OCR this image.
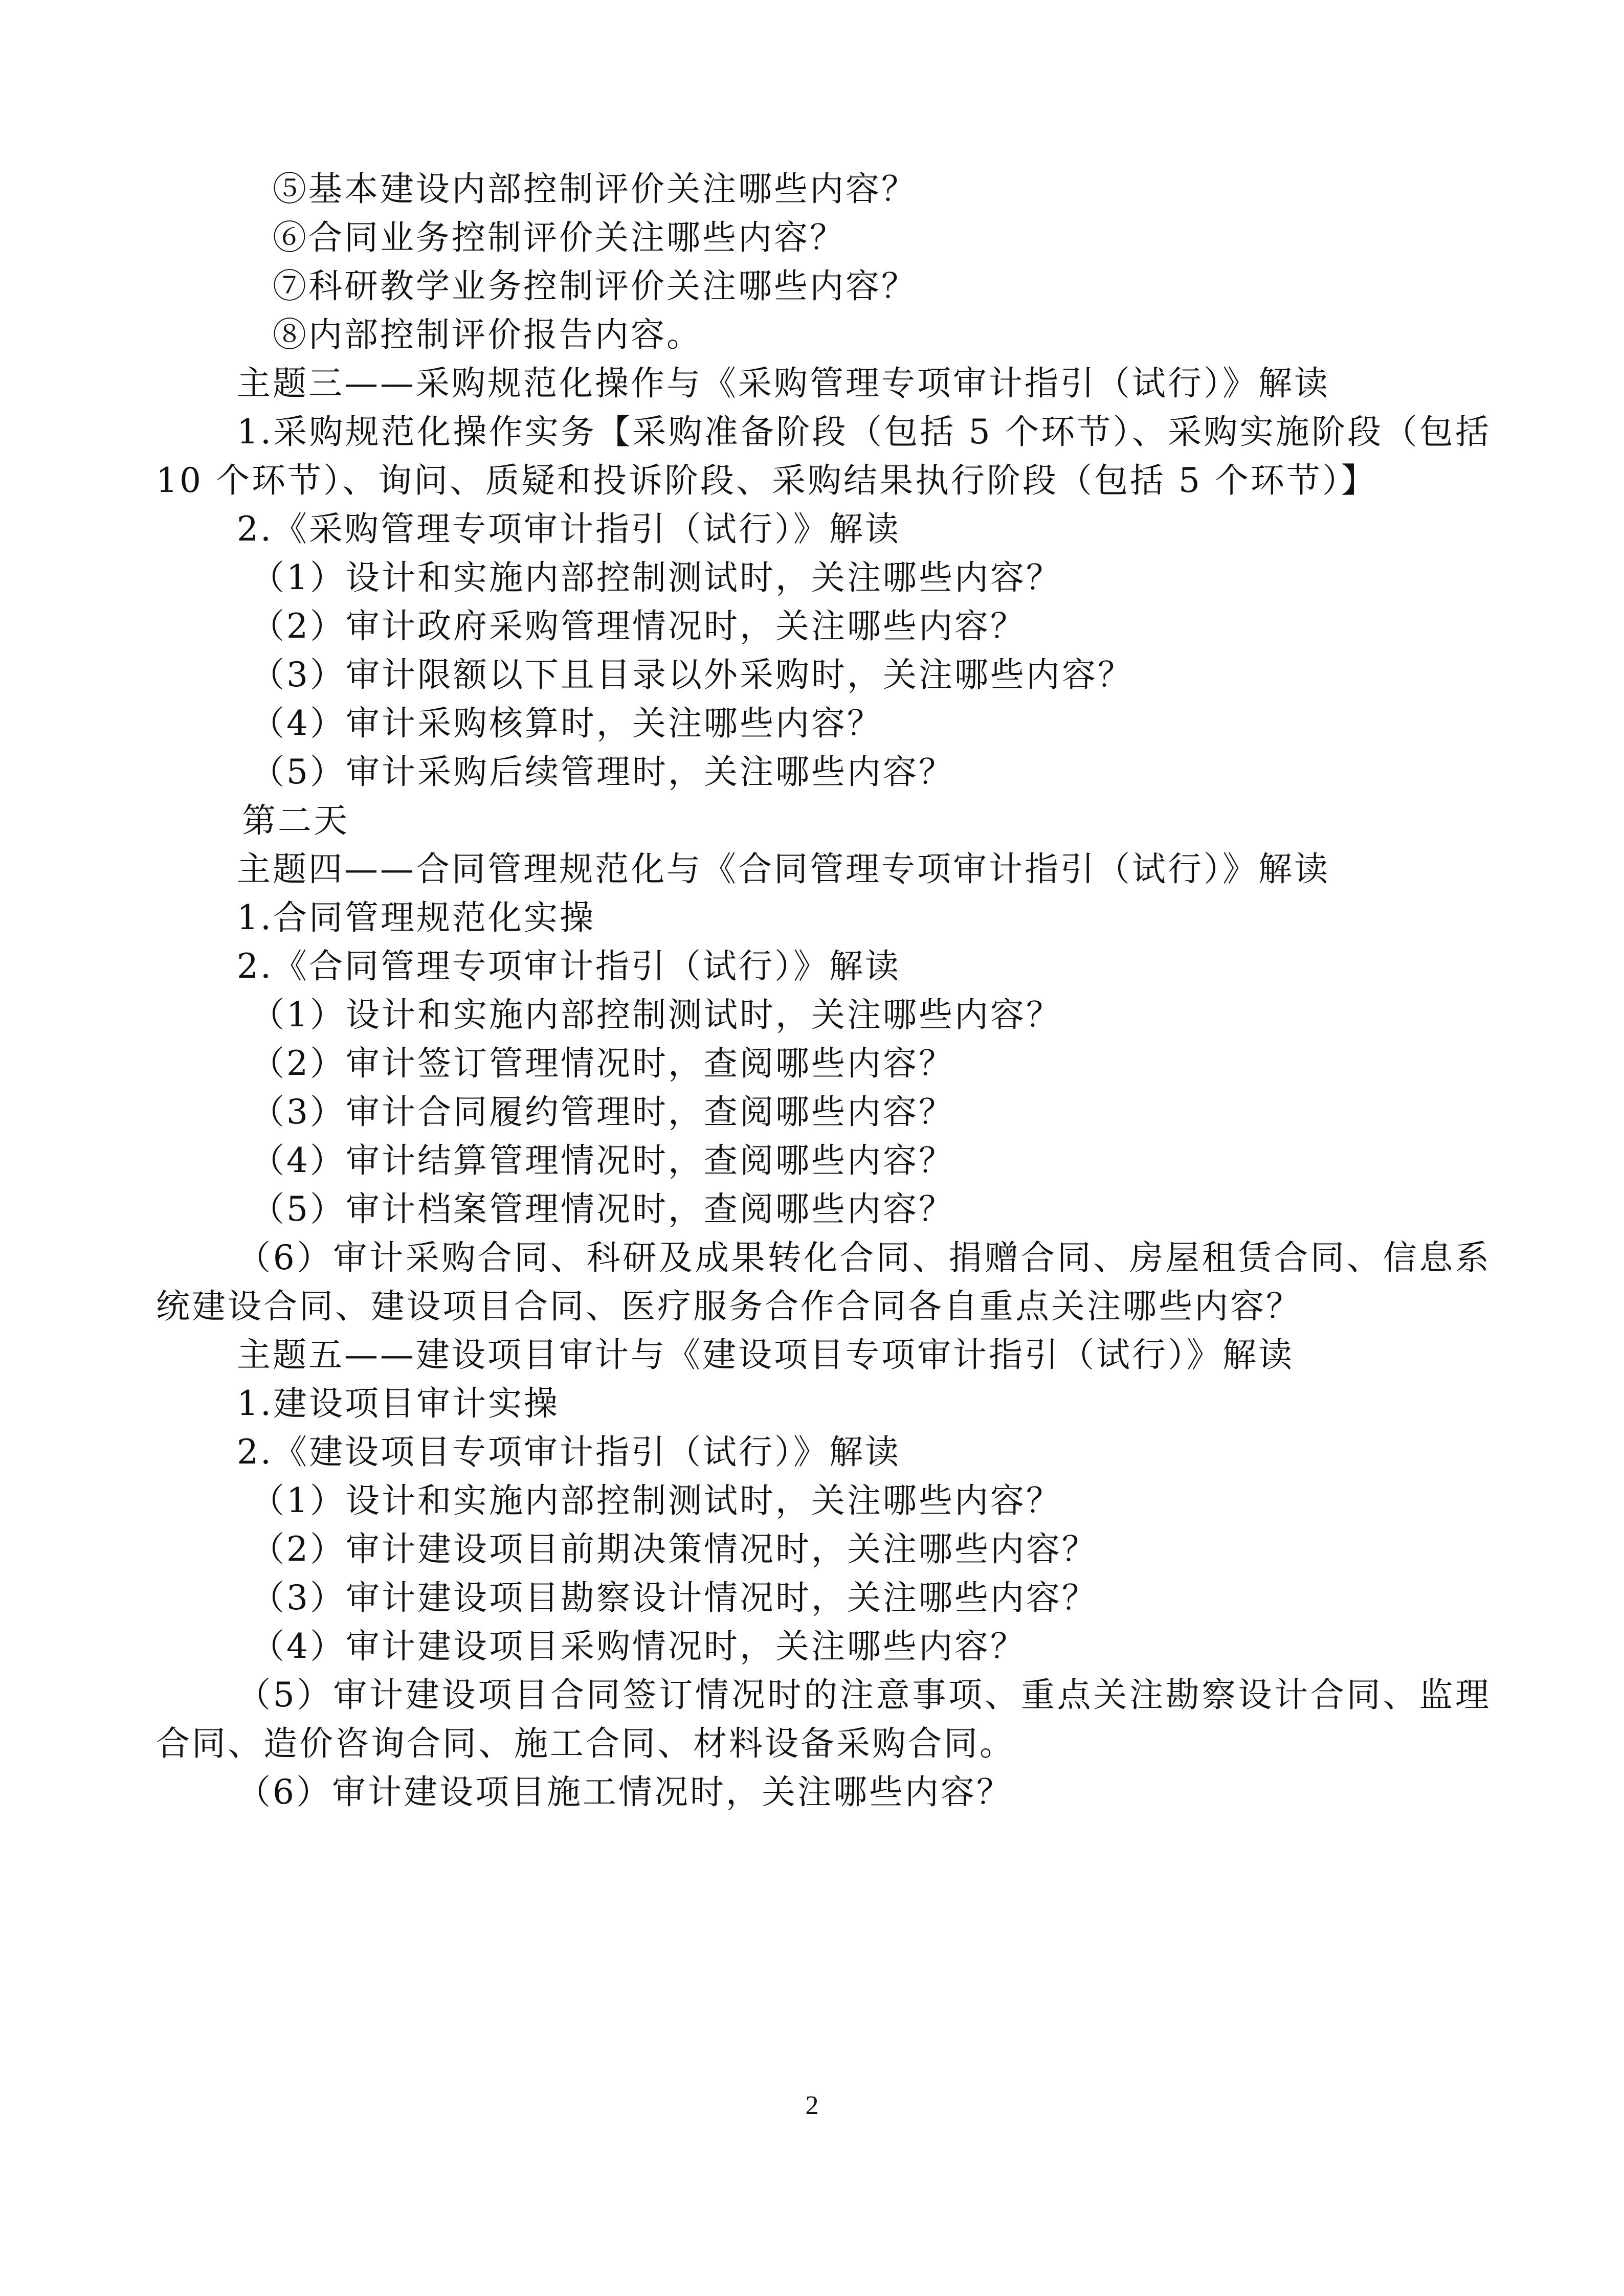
⑤基本建设内部控制评价关注哪些内容？
⑥合同业务控制评价关注哪些内容？
⑦科研教学业务控制评价关注哪些内容？
⑧内部控制评价报告内容。
主题三——采购规范化操作与《采购管理专项审计指引（试行）》解读
1.采购规范化操作实务【采购准备阶段（包括 5 个环节）、采购实施阶段（包括 10 个环节）、询问、质疑和投诉阶段、采购结果执行阶段（包括 5 个环节）】
2.《采购管理专项审计指引（试行）》解读
（1）设计和实施内部控制测试时，关注哪些内容？
（2）审计政府采购管理情况时，关注哪些内容？
（3）审计限额以下且目录以外采购时，关注哪些内容？
（4）审计采购核算时，关注哪些内容？
（5）审计采购后续管理时，关注哪些内容？
第二天
主题四——合同管理规范化与《合同管理专项审计指引（试行）》解读
1.合同管理规范化实操
2.《合同管理专项审计指引（试行）》解读
（1）设计和实施内部控制测试时，关注哪些内容？
（2）审计签订管理情况时，查阅哪些内容？
（3）审计合同履约管理时，查阅哪些内容？
（4）审计结算管理情况时，查阅哪些内容？
（5）审计档案管理情况时，查阅哪些内容？
（6）审计采购合同、科研及成果转化合同、捐赠合同、房屋租赁合同、信息系统建设合同、建设项目合同、医疗服务合作合同各自重点关注哪些内容？
主题五——建设项目审计与《建设项目专项审计指引（试行）》解读
1.建设项目审计实操
2.《建设项目专项审计指引（试行）》解读
（1）设计和实施内部控制测试时，关注哪些内容？
（2）审计建设项目前期决策情况时，关注哪些内容？
（3）审计建设项目勘察设计情况时，关注哪些内容？
（4）审计建设项目采购情况时，关注哪些内容？
（5）审计建设项目合同签订情况时的注意事项、重点关注勘察设计合同、监理合同、造价咨询合同、施工合同、材料设备采购合同。
（6）审计建设项目施工情况时，关注哪些内容？
2
